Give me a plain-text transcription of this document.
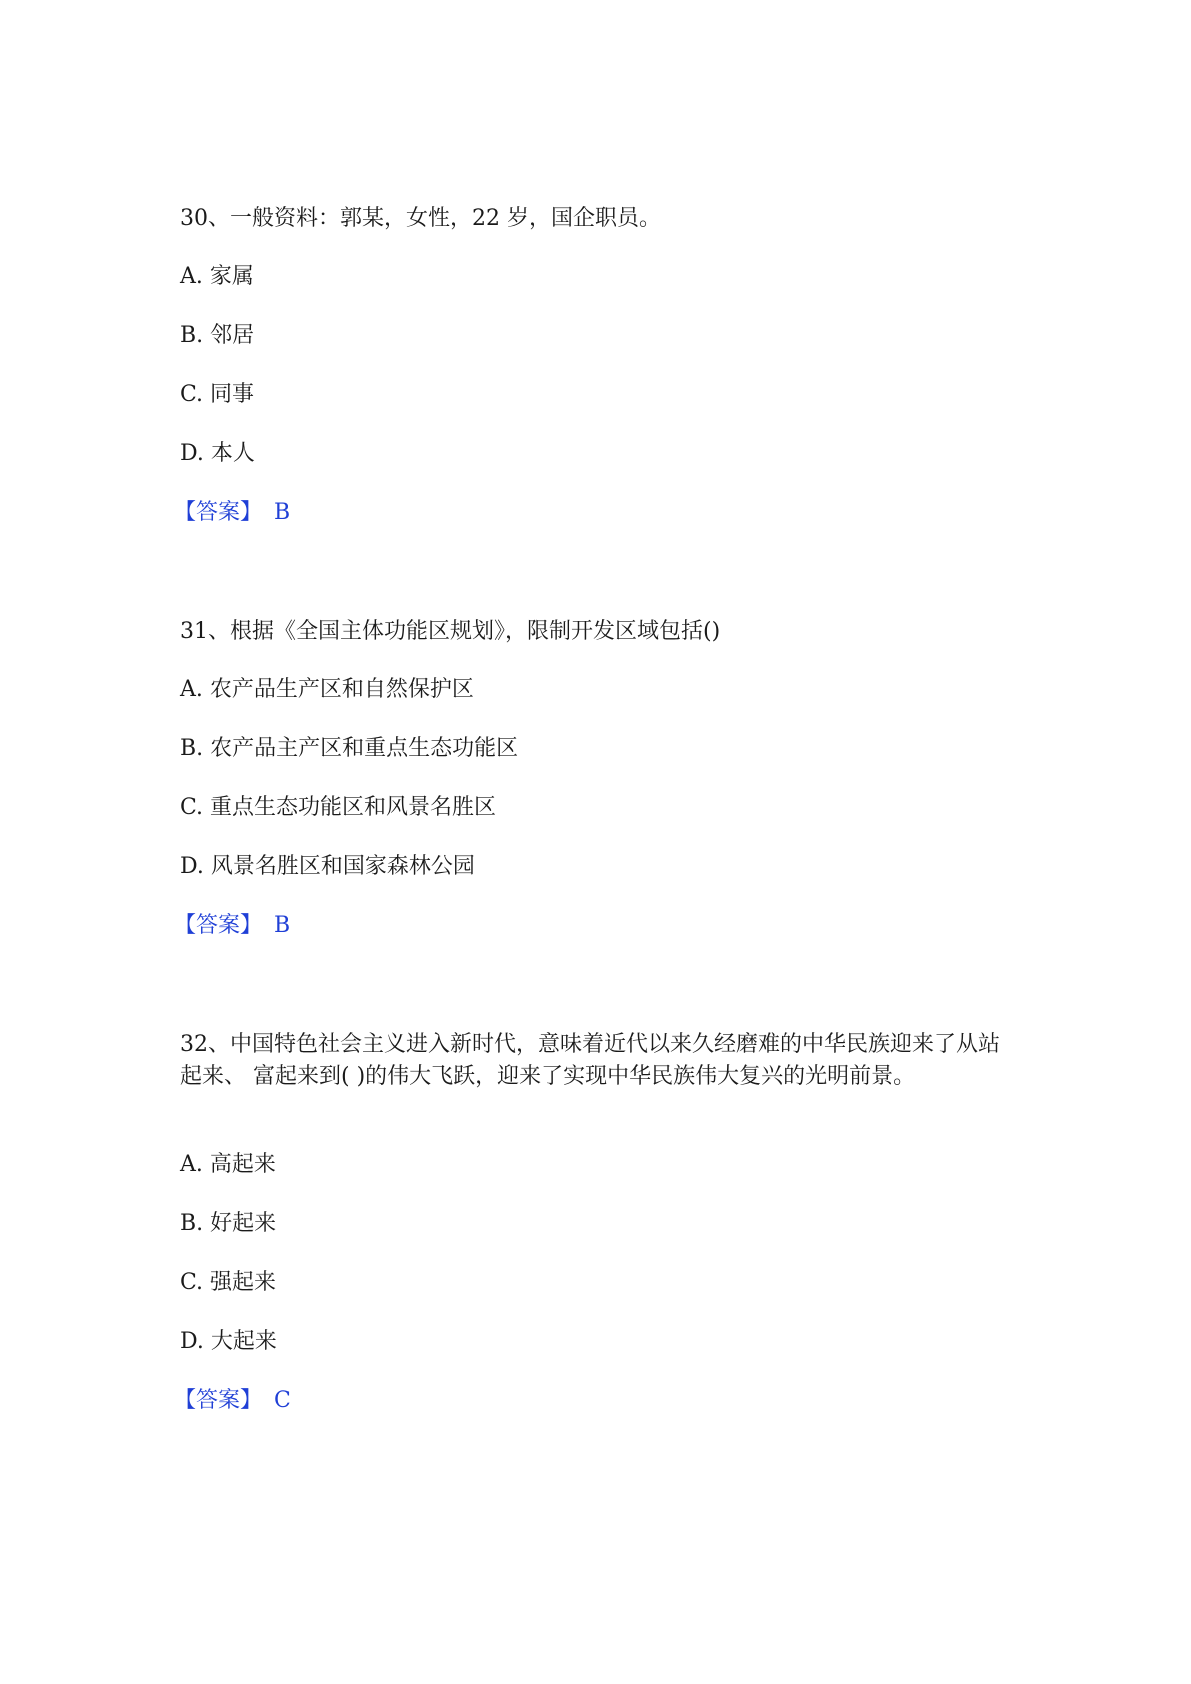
30、一般资料：郭某，女性，22 岁，国企职员。
A. 家属
B. 邻居
C. 同事
D. 本人
【答案】 B
31、根据《全国主体功能区规划》，限制开发区域包括()
A. 农产品生产区和自然保护区
B. 农产品主产区和重点生态功能区
C. 重点生态功能区和风景名胜区
D. 风景名胜区和国家森林公园
【答案】 B
32、中国特色社会主义进入新时代，意味着近代以来久经磨难的中华民族迎来了从站起来、 富起来到( )的伟大飞跃，迎来了实现中华民族伟大复兴的光明前景。
A. 高起来
B. 好起来
C. 强起来
D. 大起来
【答案】 C
